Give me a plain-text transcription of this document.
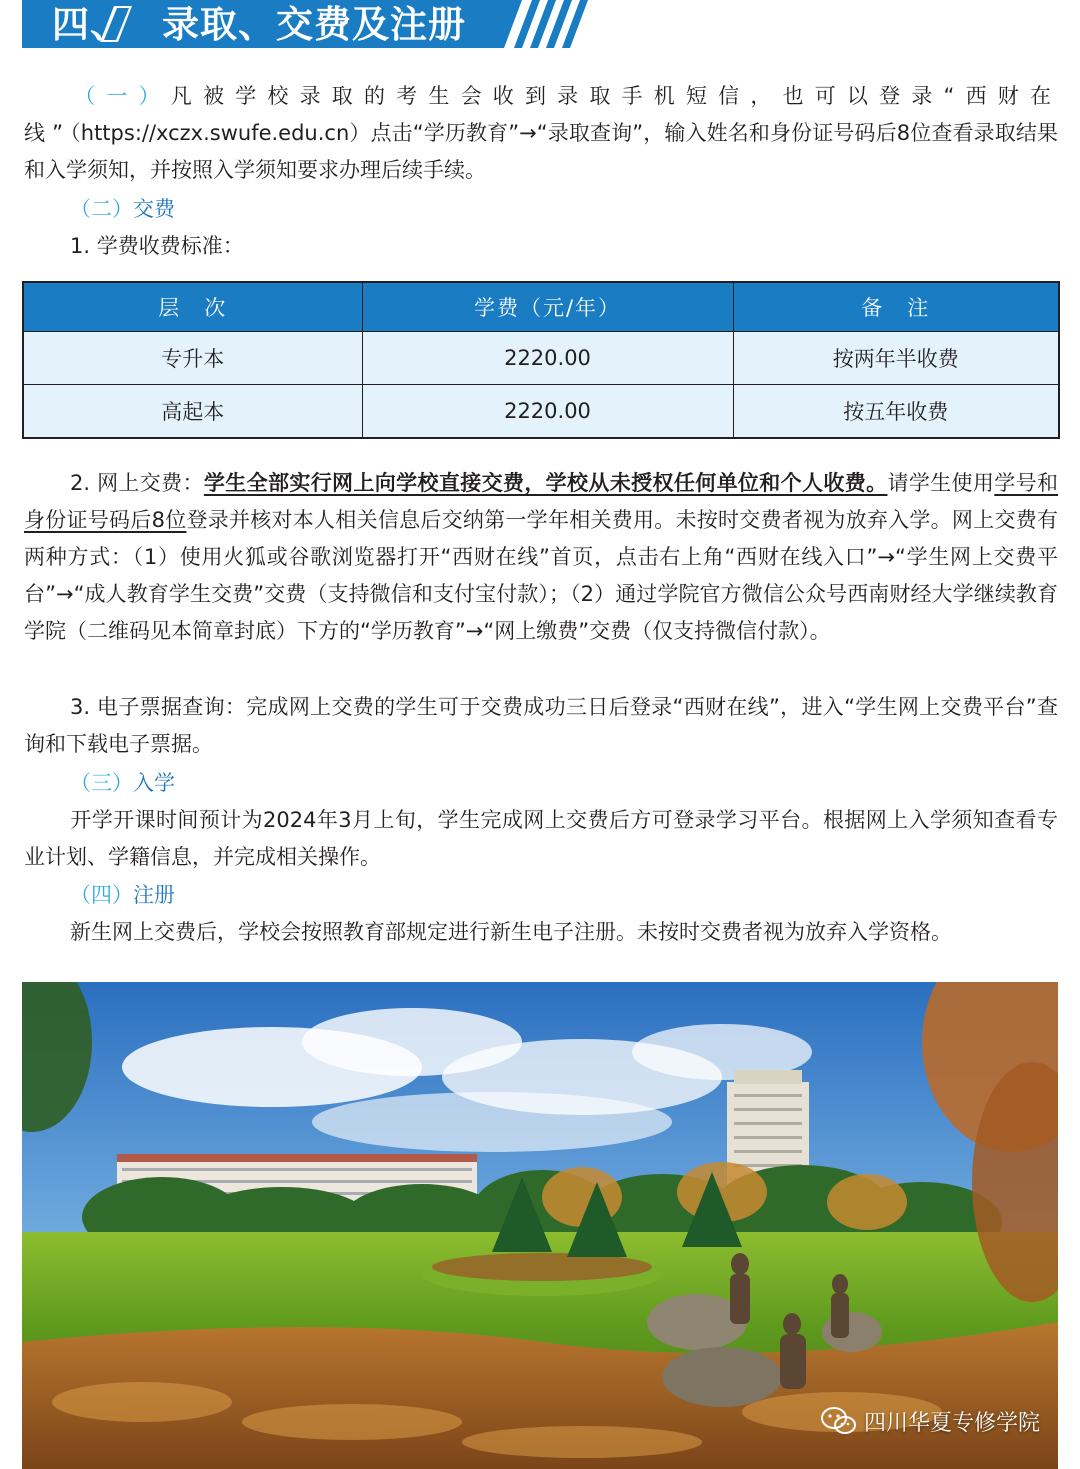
四、 录取、交费及注册
（一）凡被学校录取的考生会收到录取手机短信，也可以登录“西财在线”（https://xczx.swufe.edu.cn）点击“学历教育”→“录取查询”，输入姓名和身份证号码后8位查看录取结果和入学须知，并按照入学须知要求办理后续手续。
（二）交费
1. 学费收费标准：
层　次	学费（元/年）	备　注
专升本	2220.00	按两年半收费
高起本	2220.00	按五年收费
2. 网上交费：学生全部实行网上向学校直接交费，学校从未授权任何单位和个人收费。请学生使用学号和身份证号码后8位登录并核对本人相关信息后交纳第一学年相关费用。未按时交费者视为放弃入学。网上交费有两种方式：（1）使用火狐或谷歌浏览器打开“西财在线”首页，点击右上角“西财在线入口”→“学生网上交费平台”→“成人教育学生交费”交费（支持微信和支付宝付款）；（2）通过学院官方微信公众号西南财经大学继续教育学院（二维码见本简章封底）下方的“学历教育”→“网上缴费”交费（仅支持微信付款）。
3. 电子票据查询：完成网上交费的学生可于交费成功三日后登录“西财在线”，进入“学生网上交费平台”查询和下载电子票据。
（三）入学
开学开课时间预计为2024年3月上旬，学生完成网上交费后方可登录学习平台。根据网上入学须知查看专业计划、学籍信息，并完成相关操作。
（四）注册
新生网上交费后，学校会按照教育部规定进行新生电子注册。未按时交费者视为放弃入学资格。
四川华夏专修学院
